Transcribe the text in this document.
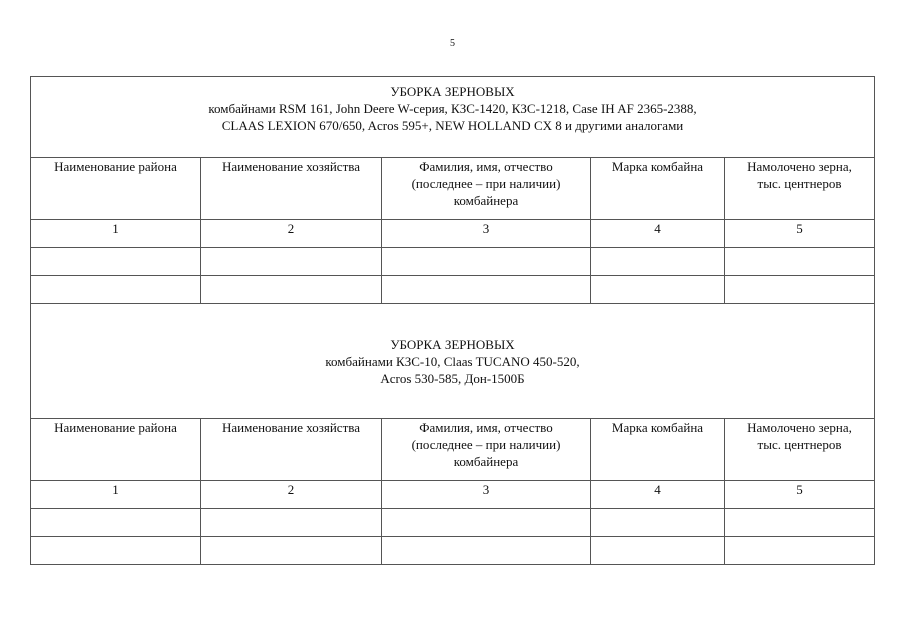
5
УБОРКА ЗЕРНОВЫХ
комбайнами RSM 161, John Deere W-серия, КЗС-1420, КЗС-1218, Case IH AF 2365-2388,
CLAAS LEXION 670/650, Acros 595+, NEW HOLLAND CX 8 и другими аналогами				

Наименование района	Наименование хозяйства	Фамилия, имя, отчество
(последнее – при наличии)
комбайнера	Марка комбайна	Намолочено зерна,
тыс. центнеров

1	2	3	4	5

УБОРКА ЗЕРНОВЫХ
комбайнами КЗС-10, Claas TUCANO 450-520,
Acros 530-585, Дон-1500Б				

Наименование района	Наименование хозяйства	Фамилия, имя, отчество
(последнее – при наличии)
комбайнера	Марка комбайна	Намолочено зерна,
тыс. центнеров

1	2	3	4	5
